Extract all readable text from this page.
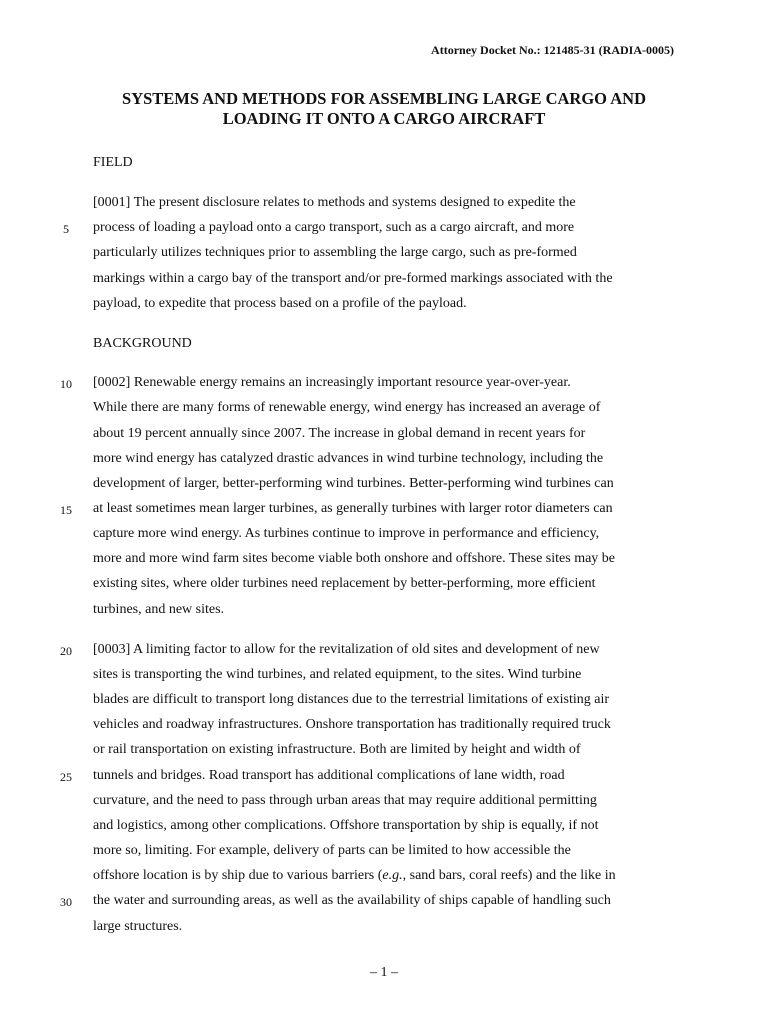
Attorney Docket No.: 121485-31 (RADIA-0005)
SYSTEMS AND METHODS FOR ASSEMBLING LARGE CARGO AND
LOADING IT ONTO A CARGO AIRCRAFT
FIELD
[0001] The present disclosure relates to methods and systems designed to expedite the
process of loading a payload onto a cargo transport, such as a cargo aircraft, and more
particularly utilizes techniques prior to assembling the large cargo, such as pre-formed
markings within a cargo bay of the transport and/or pre-formed markings associated with the
payload, to expedite that process based on a profile of the payload.
BACKGROUND
[0002] Renewable energy remains an increasingly important resource year-over-year.
While there are many forms of renewable energy, wind energy has increased an average of
about 19 percent annually since 2007. The increase in global demand in recent years for
more wind energy has catalyzed drastic advances in wind turbine technology, including the
development of larger, better-performing wind turbines. Better-performing wind turbines can
at least sometimes mean larger turbines, as generally turbines with larger rotor diameters can
capture more wind energy. As turbines continue to improve in performance and efficiency,
more and more wind farm sites become viable both onshore and offshore. These sites may be
existing sites, where older turbines need replacement by better-performing, more efficient
turbines, and new sites.
[0003] A limiting factor to allow for the revitalization of old sites and development of new
sites is transporting the wind turbines, and related equipment, to the sites. Wind turbine
blades are difficult to transport long distances due to the terrestrial limitations of existing air
vehicles and roadway infrastructures. Onshore transportation has traditionally required truck
or rail transportation on existing infrastructure. Both are limited by height and width of
tunnels and bridges. Road transport has additional complications of lane width, road
curvature, and the need to pass through urban areas that may require additional permitting
and logistics, among other complications. Offshore transportation by ship is equally, if not
more so, limiting. For example, delivery of parts can be limited to how accessible the
offshore location is by ship due to various barriers (e.g., sand bars, coral reefs) and the like in
the water and surrounding areas, as well as the availability of ships capable of handling such
large structures.
5
10
15
20
25
30
– 1 –
